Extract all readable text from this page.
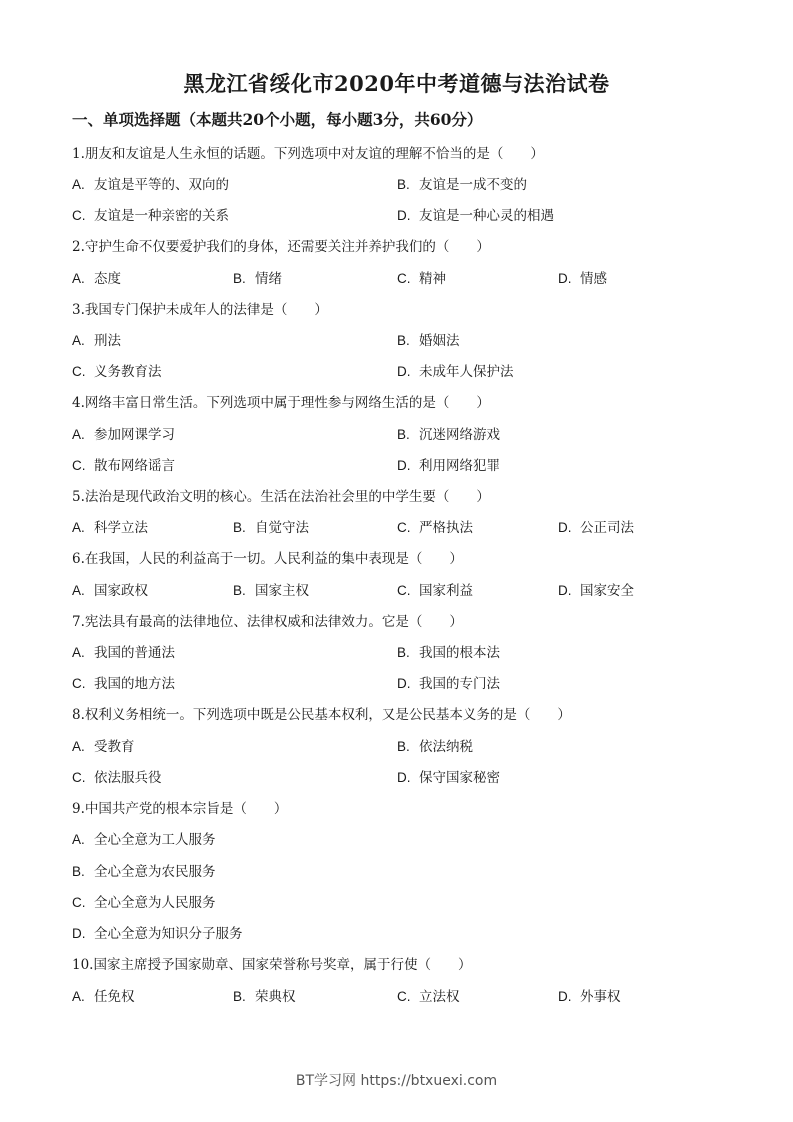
黑龙江省绥化市2020年中考道德与法治试卷
一、单项选择题（本题共20个小题，每小题3分，共60分）
1.朋友和友谊是人生永恒的话题。下列选项中对友谊的理解不恰当的是（　　）
A. 友谊是平等的、双向的	B. 友谊是一成不变的
C. 友谊是一种亲密的关系	D. 友谊是一种心灵的相遇
2.守护生命不仅要爱护我们的身体，还需要关注并养护我们的（　　）
A. 态度	B. 情绪	C. 精神	D. 情感
3.我国专门保护未成年人的法律是（　　）
A. 刑法	B. 婚姻法
C. 义务教育法	D. 未成年人保护法
4.网络丰富日常生活。下列选项中属于理性参与网络生活的是（　　）
A. 参加网课学习	B. 沉迷网络游戏
C. 散布网络谣言	D. 利用网络犯罪
5.法治是现代政治文明的核心。生活在法治社会里的中学生要（　　）
A. 科学立法	B. 自觉守法	C. 严格执法	D. 公正司法
6.在我国，人民的利益高于一切。人民利益的集中表现是（　　）
A. 国家政权	B. 国家主权	C. 国家利益	D. 国家安全
7.宪法具有最高的法律地位、法律权威和法律效力。它是（　　）
A. 我国的普通法	B. 我国的根本法
C. 我国的地方法	D. 我国的专门法
8.权利义务相统一。下列选项中既是公民基本权利，又是公民基本义务的是（　　）
A. 受教育	B. 依法纳税
C. 依法服兵役	D. 保守国家秘密
9.中国共产党的根本宗旨是（　　）
A. 全心全意为工人服务
B. 全心全意为农民服务
C. 全心全意为人民服务
D. 全心全意为知识分子服务
10.国家主席授予国家勋章、国家荣誉称号奖章，属于行使（　　）
A. 任免权	B. 荣典权	C. 立法权	D. 外事权
BT学习网 https://btxuexi.com
